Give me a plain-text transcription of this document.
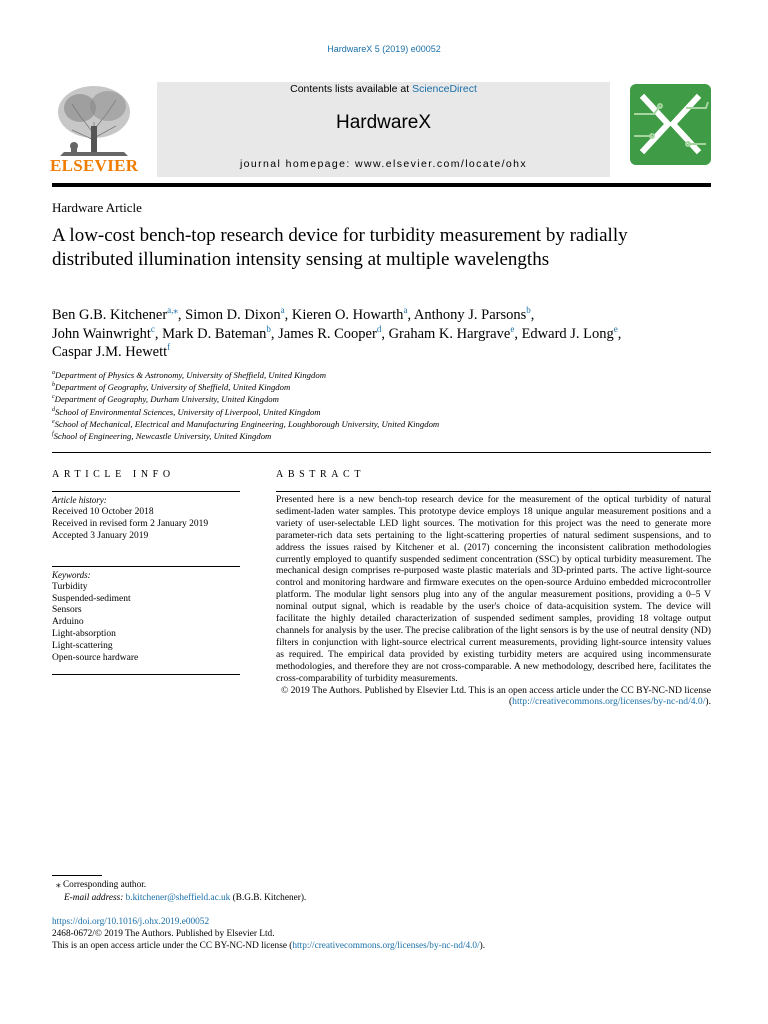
HardwareX 5 (2019) e00052
ELSEVIER
Contents lists available at ScienceDirect
HardwareX
journal homepage: www.elsevier.com/locate/ohx
Hardware Article
A low-cost bench-top research device for turbidity measurement by radially distributed illumination intensity sensing at multiple wavelengths
Ben G.B. Kitchener$^{a,⁎}$, Simon D. Dixon$^a$, Kieren O. Howarth$^a$, Anthony J. Parsons$^b$,
John Wainwright$^c$, Mark D. Bateman$^b$, James R. Cooper$^d$, Graham K. Hargrave$^e$, Edward J. Long$^e$,
Caspar J.M. Hewett$^f$
$^a$Department of Physics & Astronomy, University of Sheffield, United Kingdom
$^b$Department of Geography, University of Sheffield, United Kingdom
$^c$Department of Geography, Durham University, United Kingdom
$^d$School of Environmental Sciences, University of Liverpool, United Kingdom
$^e$School of Mechanical, Electrical and Manufacturing Engineering, Loughborough University, United Kingdom
$^f$School of Engineering, Newcastle University, United Kingdom
ARTICLE INFO
Article history:
Received 10 October 2018
Received in revised form 2 January 2019
Accepted 3 January 2019
Keywords:
Turbidity
Suspended-sediment
Sensors
Arduino
Light-absorption
Light-scattering
Open-source hardware
ABSTRACT

Presented here is a new bench-top research device for the measurement of the optical turbidity of natural sediment-laden water samples. This prototype device employs 18 unique angular measurement positions and a variety of user-selectable LED light sources. The motivation for this project was the need to generate more parameter-rich data sets pertaining to the light-scattering properties of natural sediment suspensions, and to address the issues raised by Kitchener et al. (2017) concerning the inconsistent calibration methodologies currently employed to quantify suspended sediment concentration (SSC) by optical turbidity measurement. The mechanical design comprises re-purposed waste plastic materials and 3D-printed parts. The active light-source control and monitoring hardware and firmware executes on the open-source Arduino embedded microcontroller platform. The modular light sensors plug into any of the angular measurement positions, providing a 0–5 V nominal output signal, which is readable by the user's choice of data-acquisition system. The device will facilitate the highly detailed characterization of suspended sediment samples, providing 18 voltage output channels for analysis by the user. The precise calibration of the light sensors is by the use of neutral density (ND) filters in conjunction with light-source electrical current measurements, providing light-source intensity values as required. The empirical data provided by existing turbidity meters are acquired using incommensurate methodologies, and therefore they are not cross-comparable. A new methodology, described here, facilitates the cross-comparability of turbidity measurements.

© 2019 The Authors. Published by Elsevier Ltd. This is an open access article under the CC BY-NC-ND license (http://creativecommons.org/licenses/by-nc-nd/4.0/).

⁎ Corresponding author.
E-mail address: b.kitchener@sheffield.ac.uk (B.G.B. Kitchener).
https://doi.org/10.1016/j.ohx.2019.e00052
2468-0672/© 2019 The Authors. Published by Elsevier Ltd.
This is an open access article under the CC BY-NC-ND license (http://creativecommons.org/licenses/by-nc-nd/4.0/).
